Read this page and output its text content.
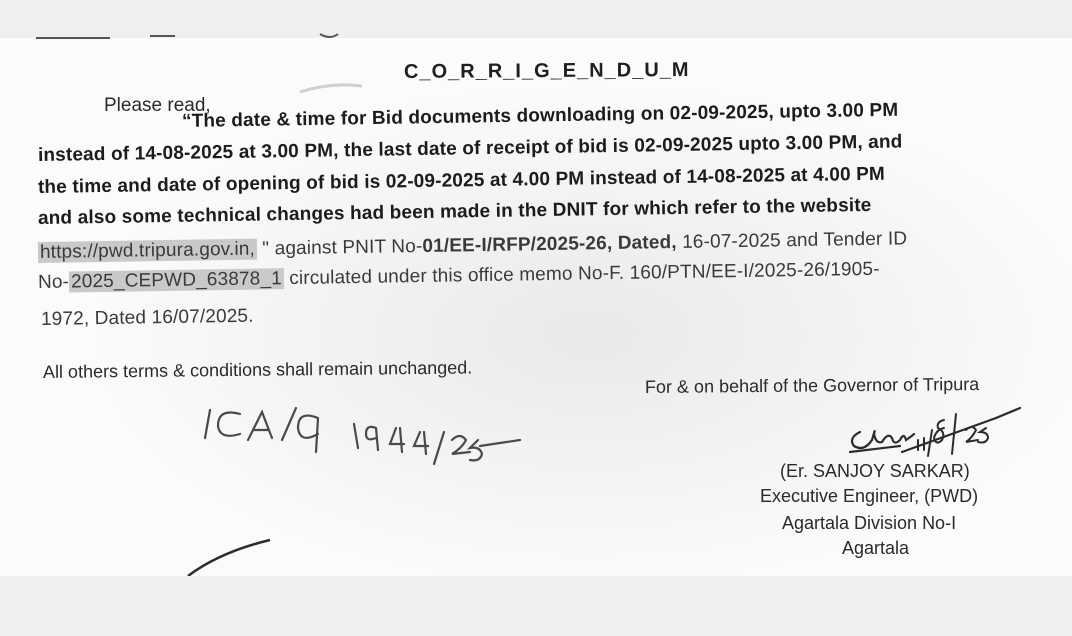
C_O_R_R_I_G_E_N_D_U_M
Please read,
“The date & time for Bid documents downloading on 02-09-2025, upto 3.00 PM
instead of 14-08-2025 at 3.00 PM, the last date of receipt of bid is 02-09-2025 upto 3.00 PM, and
the time and date of opening of bid is 02-09-2025 at 4.00 PM instead of 14-08-2025 at 4.00 PM
and also some technical changes had been made in the DNIT for which refer to the website
https://pwd.tripura.gov.in, " against PNIT No-01/EE-I/RFP/2025-26, Dated, 16-07-2025 and Tender ID
No-2025_CEPWD_63878_1 circulated under this office memo No-F. 160/PTN/EE-I/2025-26/1905-
1972, Dated 16/07/2025.
All others terms & conditions shall remain unchanged.
For & on behalf of the Governor of Tripura
(Er. SANJOY SARKAR)
Executive Engineer, (PWD)
Agartala Division No-I
Agartala
